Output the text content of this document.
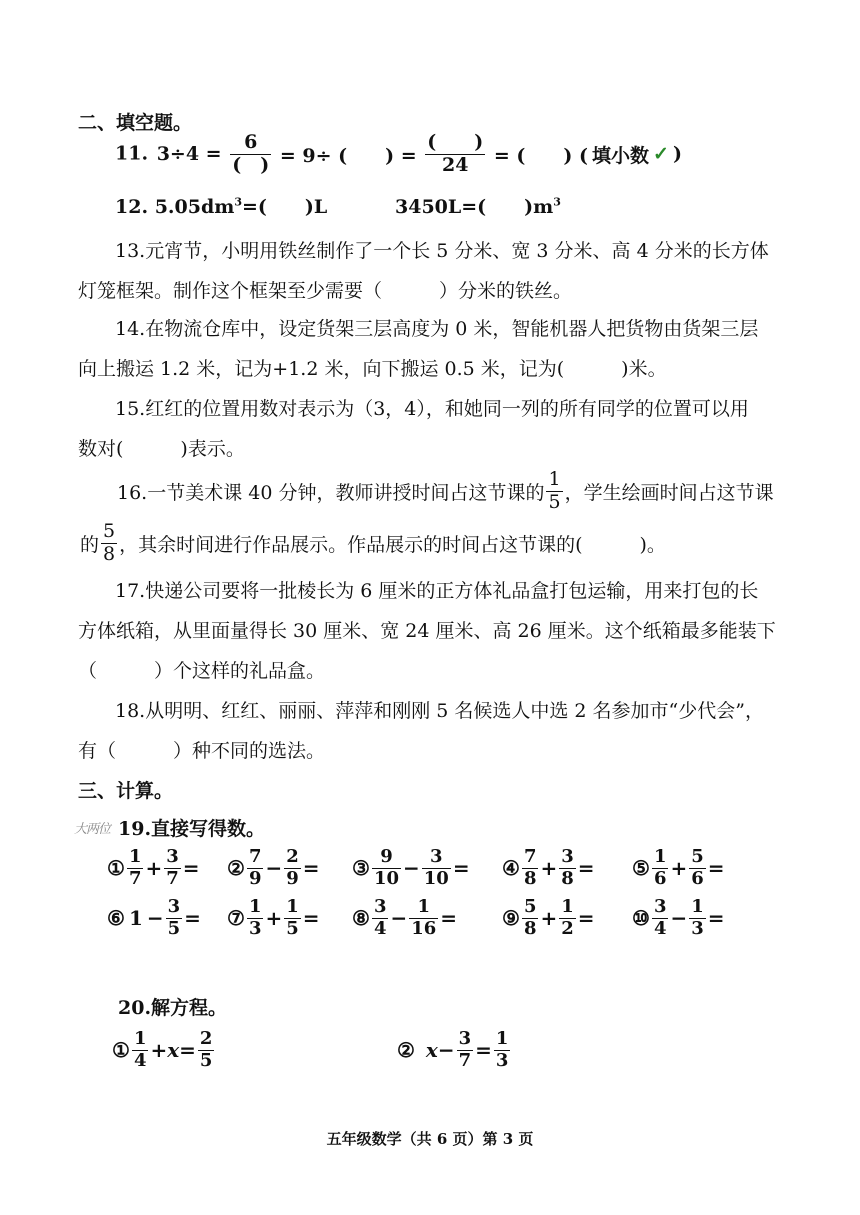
二、填空题。
11. $3\div 4 = \frac{6}{( )} = 9\div$ (　　) = $\frac{( )}{24}$ = (　　) ( 填小数 ✓ )
12. $5.05dm^3=$(　　)L	3450L=(　　)$m^3$
13.元宵节，小明用铁丝制作了一个长 5 分米、宽 3 分米、高 4 分米的长方体
灯笼框架。制作这个框架至少需要（　　　）分米的铁丝。
14.在物流仓库中，设定货架三层高度为 0 米，智能机器人把货物由货架三层
向上搬运 1.2 米，记为+1.2 米，向下搬运 0.5 米，记为(　　　)米。
15.红红的位置用数对表示为（3，4），和她同一列的所有同学的位置可以用
数对(　　　)表示。
16.一节美术课 40 分钟，教师讲授时间占这节课的 $\frac{1}{5}$ ，学生绘画时间占这节课
的 $\frac{5}{8}$ ，其余时间进行作品展示。作品展示的时间占这节课的(　　　)。
17.快递公司要将一批棱长为 6 厘米的正方体礼品盒打包运输，用来打包的长
方体纸箱，从里面量得长 30 厘米、宽 24 厘米、高 26 厘米。这个纸箱最多能装下
（　　　）个这样的礼品盒。
18.从明明、红红、丽丽、萍萍和刚刚 5 名候选人中选 2 名参加市“少代会”，
有（　　　）种不同的选法。
三、计算。
大两位 19.直接写得数。
① $\frac{1}{7} + \frac{3}{7}$ = ② $\frac{7}{9} - \frac{2}{9}$ = ③ $\frac{9}{10} - \frac{3}{10}$ = ④ $\frac{7}{8} + \frac{3}{8}$ = ⑤ $\frac{1}{6} + \frac{5}{6}$ =
⑥ $1 - \frac{3}{5}$ = ⑦ $\frac{1}{3} + \frac{1}{5}$ = ⑧ $\frac{3}{4} - \frac{1}{16}$ = ⑨ $\frac{5}{8} + \frac{1}{2}$ = ⑩ $\frac{3}{4} - \frac{1}{3}$ =
20.解方程。
① $\frac{1}{4} +x= \frac{2}{5}$	② $x- \frac{3}{7} = \frac{1}{3}$
五年级数学（共 6 页）第 3 页
